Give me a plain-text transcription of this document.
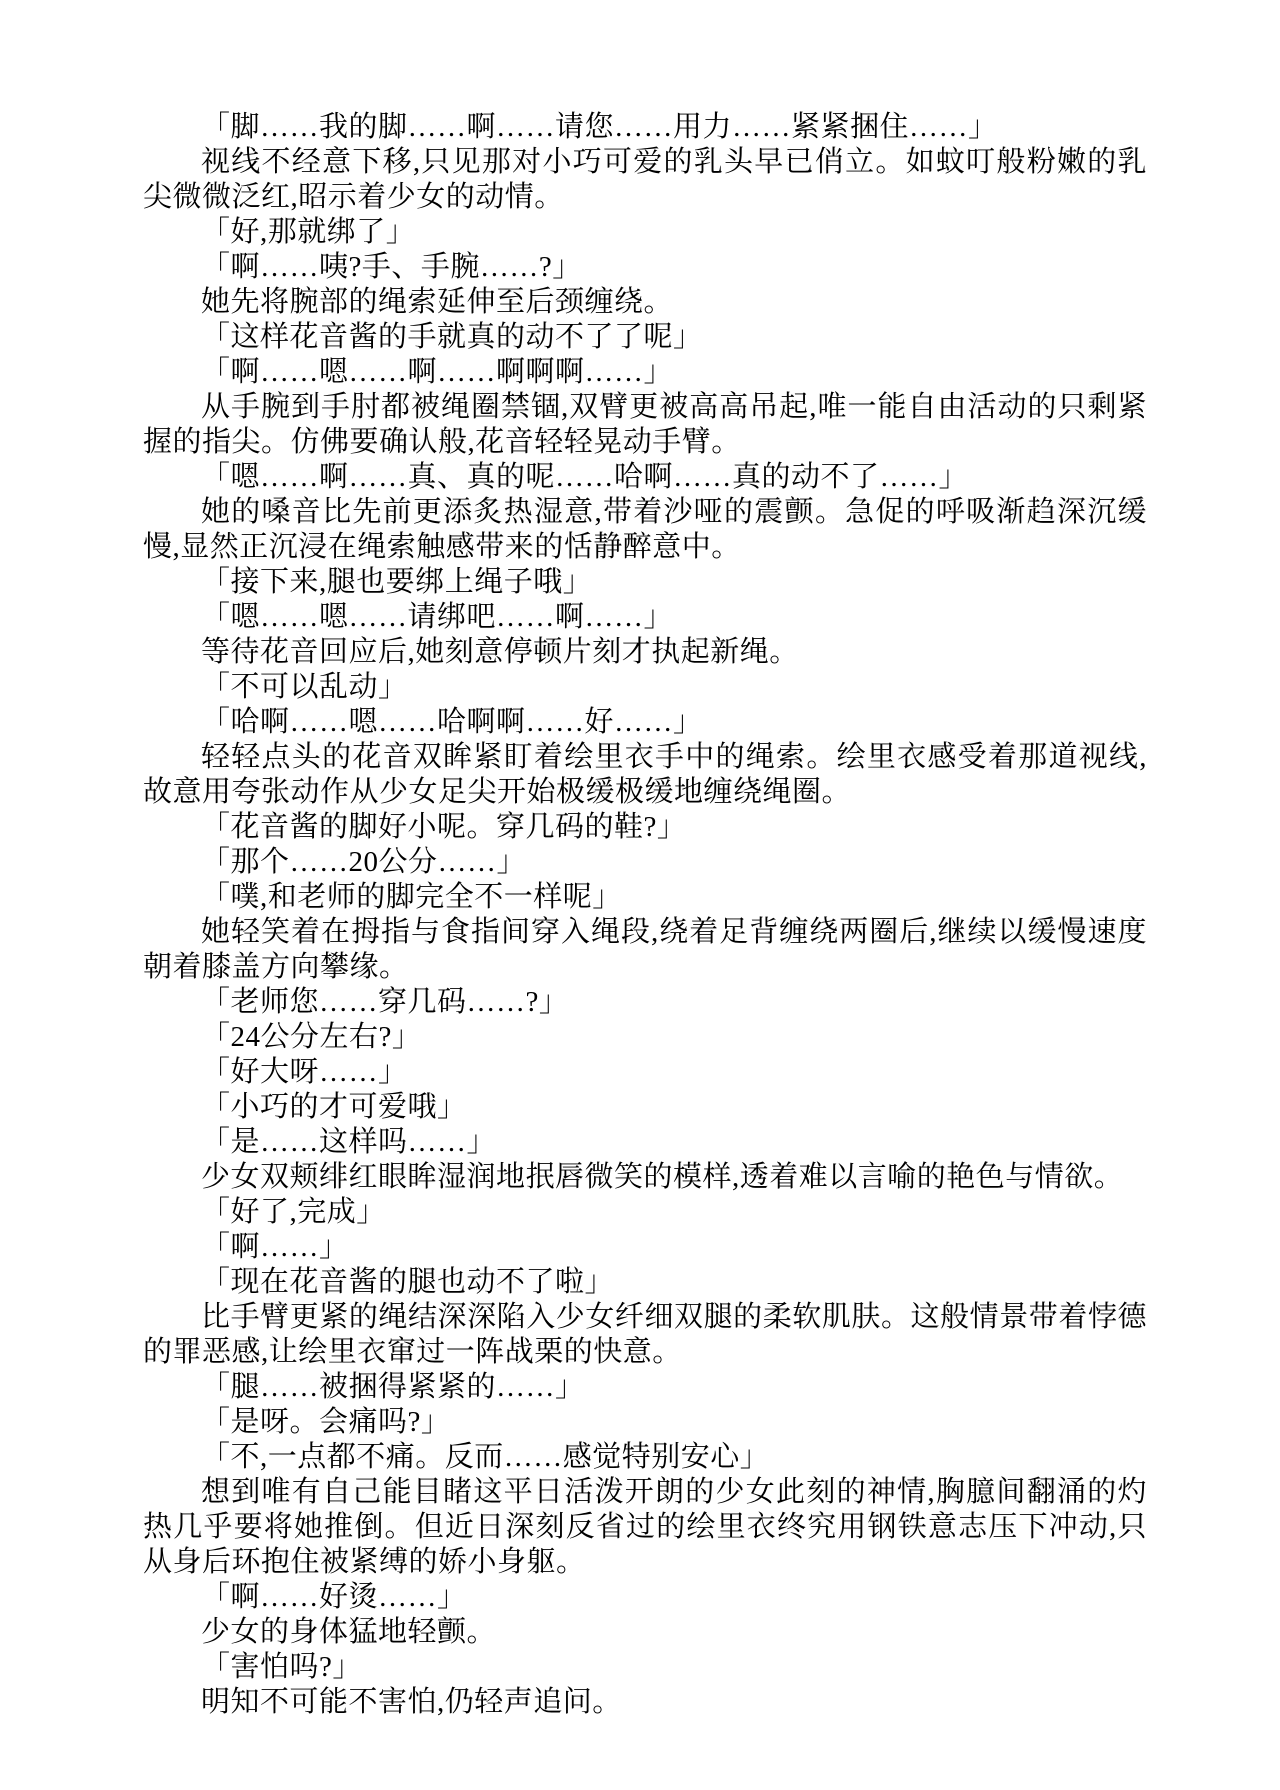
「脚……我的脚……啊……请您……用力……紧紧捆住……」

视线不经意下移,只见那对小巧可爱的乳头早已俏立。如蚊叮般粉嫩的乳尖微微泛红,昭示着少女的动情。

「好,那就绑了」

「啊……咦?手、手腕……?」

她先将腕部的绳索延伸至后颈缠绕。

「这样花音酱的手就真的动不了了呢」

「啊……嗯……啊……啊啊啊……」

从手腕到手肘都被绳圈禁锢,双臂更被高高吊起,唯一能自由活动的只剩紧握的指尖。仿佛要确认般,花音轻轻晃动手臂。

「嗯……啊……真、真的呢……哈啊……真的动不了……」

她的嗓音比先前更添炙热湿意,带着沙哑的震颤。急促的呼吸渐趋深沉缓慢,显然正沉浸在绳索触感带来的恬静醉意中。

「接下来,腿也要绑上绳子哦」

「嗯……嗯……请绑吧……啊……」

等待花音回应后,她刻意停顿片刻才执起新绳。

「不可以乱动」

「哈啊……嗯……哈啊啊……好……」

轻轻点头的花音双眸紧盯着绘里衣手中的绳索。绘里衣感受着那道视线,故意用夸张动作从少女足尖开始极缓极缓地缠绕绳圈。

「花音酱的脚好小呢。穿几码的鞋?」

「那个……20公分……」

「噗,和老师的脚完全不一样呢」

她轻笑着在拇指与食指间穿入绳段,绕着足背缠绕两圈后,继续以缓慢速度朝着膝盖方向攀缘。

「老师您……穿几码……?」

「24公分左右?」

「好大呀……」

「小巧的才可爱哦」

「是……这样吗……」

少女双颊绯红眼眸湿润地抿唇微笑的模样,透着难以言喻的艳色与情欲。

「好了,完成」

「啊……」

「现在花音酱的腿也动不了啦」

比手臂更紧的绳结深深陷入少女纤细双腿的柔软肌肤。这般情景带着悖德的罪恶感,让绘里衣窜过一阵战栗的快意。

「腿……被捆得紧紧的……」

「是呀。会痛吗?」

「不,一点都不痛。反而……感觉特别安心」

想到唯有自己能目睹这平日活泼开朗的少女此刻的神情,胸臆间翻涌的灼热几乎要将她推倒。但近日深刻反省过的绘里衣终究用钢铁意志压下冲动,只从身后环抱住被紧缚的娇小身躯。

「啊……好烫……」

少女的身体猛地轻颤。

「害怕吗?」

明知不可能不害怕,仍轻声追问。
